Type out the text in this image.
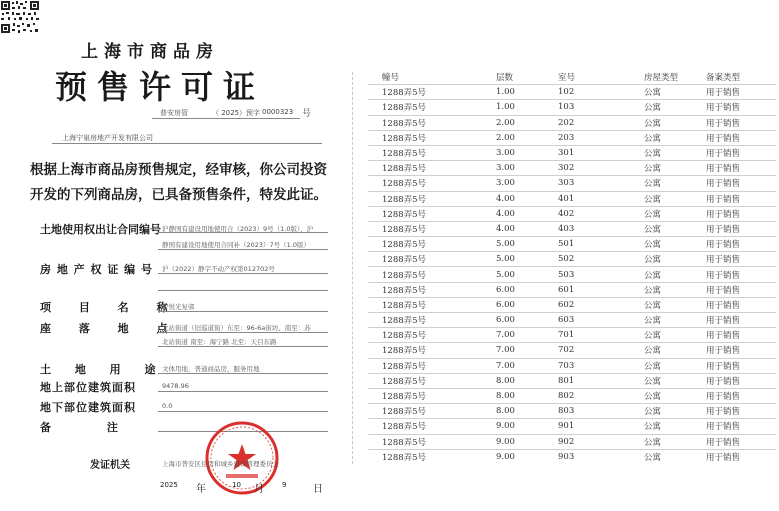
上海市商品房
预售许可证
普安房管	（ 2025）预字 0000323 号
上海宁泉房地产开发有限公司
根据上海市商品房预售规定，经审核，你公司投资开发的下列商品房，已具备预售条件，特发此证。
土地使用权出让合同编号 沪静国有建设用地使用合（2023）9号（1.0版），沪
静国有建设用地使用合同补（2023）7号（1.0版）
房 地 产 权 证 编 号 沪（2022）静字不动产权第012702号
项 目 名 称
宁悦光复邨
座 落 地 点
北站街道（旧巡道街）东至：96-6a街坊、南至：苏
北站街道 南至：海宁路 北至：天目东路
土 地 用 途 文体用地，普通商品房，服务用地
地上部位建筑面积	9478.96
地下部位建筑面积	0.0
备 注
发证机关	上海市普安区住房和城乡建设管理委员会
2025 年	10 月	9	日
幢号	层数	室号	房屋类型	备案类型
1288弄5号	1.00	102	公寓	用于销售
1288弄5号	1.00	103	公寓	用于销售
1288弄5号	2.00	202	公寓	用于销售
1288弄5号	2.00	203	公寓	用于销售
1288弄5号	3.00	301	公寓	用于销售
1288弄5号	3.00	302	公寓	用于销售
1288弄5号	3.00	303	公寓	用于销售
1288弄5号	4.00	401	公寓	用于销售
1288弄5号	4.00	402	公寓	用于销售
1288弄5号	4.00	403	公寓	用于销售
1288弄5号	5.00	501	公寓	用于销售
1288弄5号	5.00	502	公寓	用于销售
1288弄5号	5.00	503	公寓	用于销售
1288弄5号	6.00	601	公寓	用于销售
1288弄5号	6.00	602	公寓	用于销售
1288弄5号	6.00	603	公寓	用于销售
1288弄5号	7.00	701	公寓	用于销售
1288弄5号	7.00	702	公寓	用于销售
1288弄5号	7.00	703	公寓	用于销售
1288弄5号	8.00	801	公寓	用于销售
1288弄5号	8.00	802	公寓	用于销售
1288弄5号	8.00	803	公寓	用于销售
1288弄5号	9.00	901	公寓	用于销售
1288弄5号	9.00	902	公寓	用于销售
1288弄5号	9.00	903	公寓	用于销售
